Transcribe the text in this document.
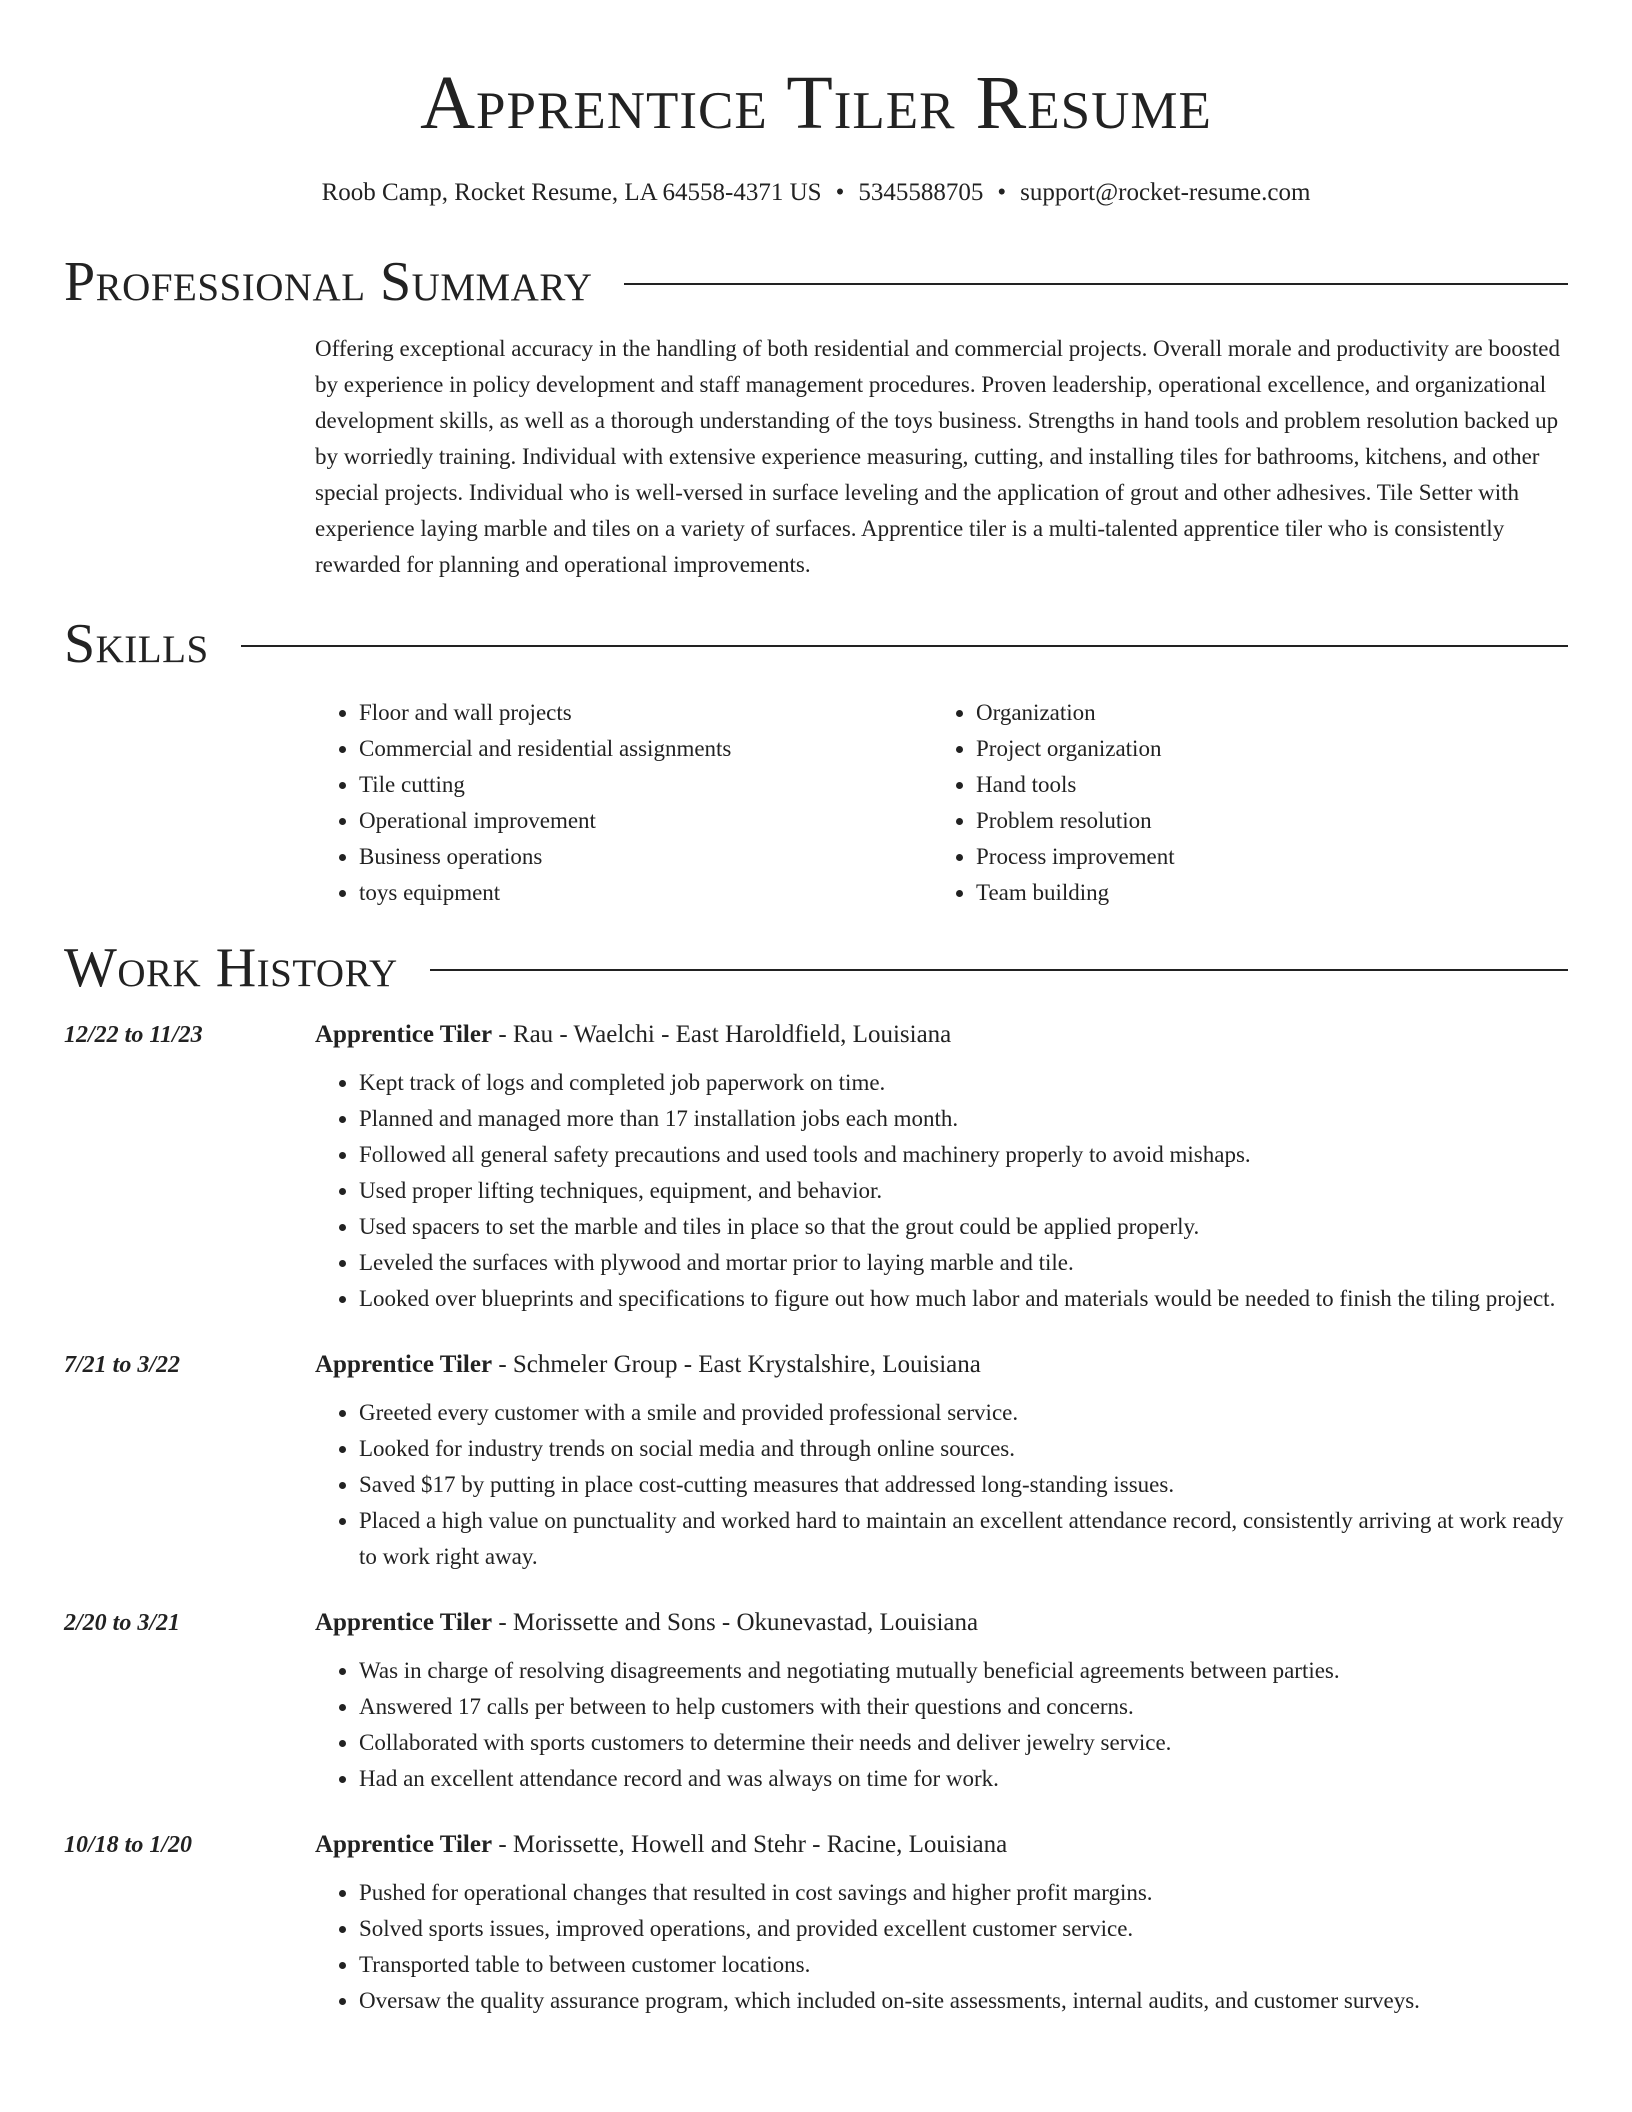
Apprentice Tiler Resume
Roob Camp, Rocket Resume, LA 64558-4371 US • 5345588705 • support@rocket-resume.com
Professional Summary

Offering exceptional accuracy in the handling of both residential and commercial projects. Overall morale and productivity are boosted by experience in policy development and staff management procedures. Proven leadership, operational excellence, and organizational development skills, as well as a thorough understanding of the toys business. Strengths in hand tools and problem resolution backed up by worriedly training. Individual with extensive experience measuring, cutting, and installing tiles for bathrooms, kitchens, and other special projects. Individual who is well-versed in surface leveling and the application of grout and other adhesives. Tile Setter with experience laying marble and tiles on a variety of surfaces. Apprentice tiler is a multi-talented apprentice tiler who is consistently rewarded for planning and operational improvements.

Skills
• Floor and wall projects
• Commercial and residential assignments
• Tile cutting
• Operational improvement
• Business operations
• toys equipment
• Organization
• Project organization
• Hand tools
• Problem resolution
• Process improvement
• Team building
Work History
12/22 to 11/23	Apprentice Tiler - Rau - Waelchi - East Haroldfield, Louisiana
• Kept track of logs and completed job paperwork on time.
• Planned and managed more than 17 installation jobs each month.
• Followed all general safety precautions and used tools and machinery properly to avoid mishaps.
• Used proper lifting techniques, equipment, and behavior.
• Used spacers to set the marble and tiles in place so that the grout could be applied properly.
• Leveled the surfaces with plywood and mortar prior to laying marble and tile.
• Looked over blueprints and specifications to figure out how much labor and materials would be needed to finish the tiling project.
7/21 to 3/22	Apprentice Tiler - Schmeler Group - East Krystalshire, Louisiana
• Greeted every customer with a smile and provided professional service.
• Looked for industry trends on social media and through online sources.
• Saved $17 by putting in place cost-cutting measures that addressed long-standing issues.
• Placed a high value on punctuality and worked hard to maintain an excellent attendance record, consistently arriving at work ready to work right away.
2/20 to 3/21	Apprentice Tiler - Morissette and Sons - Okunevastad, Louisiana
• Was in charge of resolving disagreements and negotiating mutually beneficial agreements between parties.
• Answered 17 calls per between to help customers with their questions and concerns.
• Collaborated with sports customers to determine their needs and deliver jewelry service.
• Had an excellent attendance record and was always on time for work.
10/18 to 1/20	Apprentice Tiler - Morissette, Howell and Stehr - Racine, Louisiana
• Pushed for operational changes that resulted in cost savings and higher profit margins.
• Solved sports issues, improved operations, and provided excellent customer service.
• Transported table to between customer locations.
• Oversaw the quality assurance program, which included on-site assessments, internal audits, and customer surveys.
